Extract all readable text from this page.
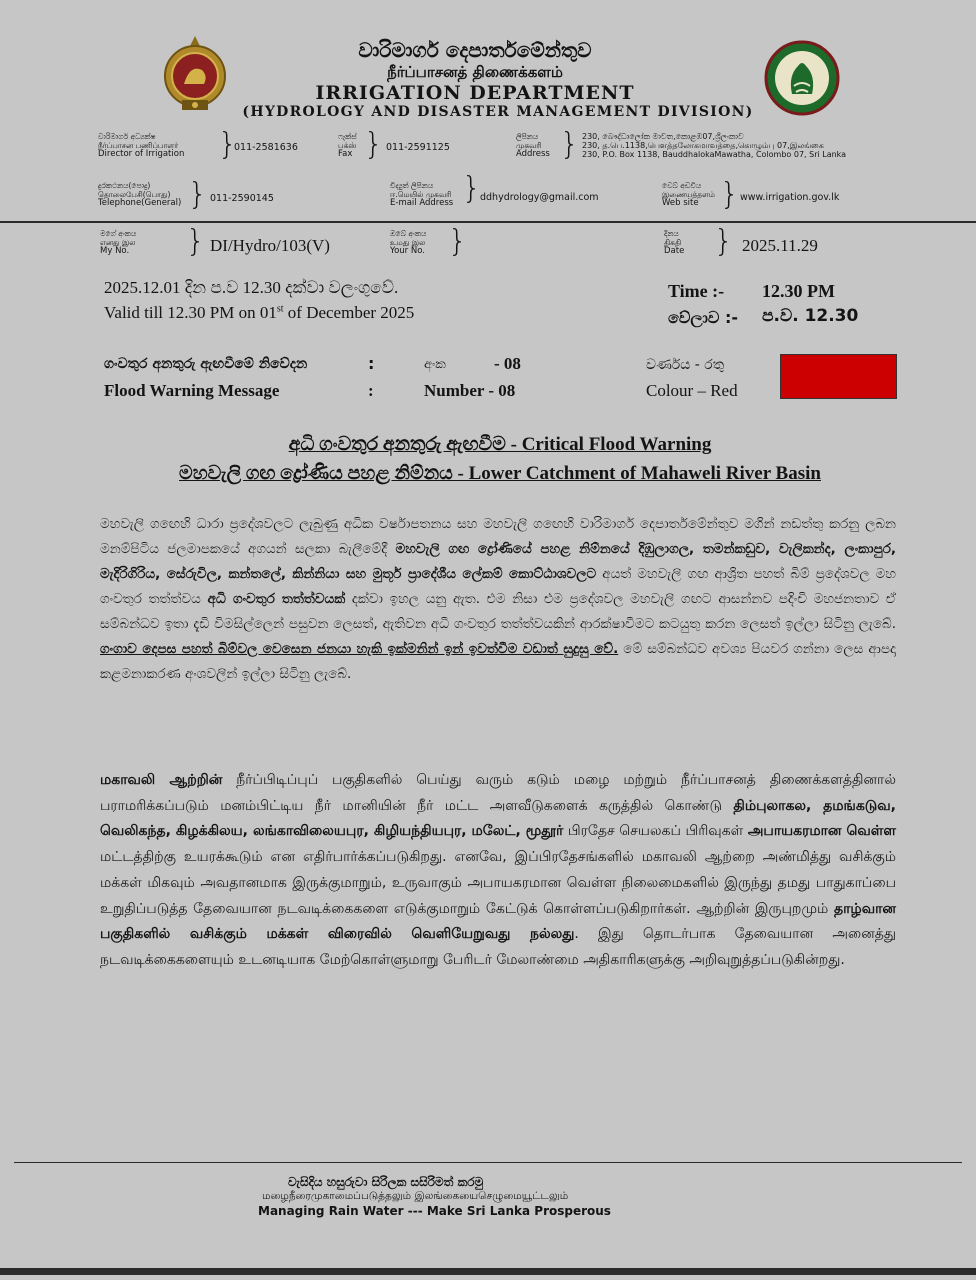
වාරිමාර්ග දෙපාර්තමේන්තුව
நீர்ப்பாசனத் திணைக்களம்
IRRIGATION DEPARTMENT
(HYDROLOGY AND DISASTER MANAGEMENT DIVISION)
වාරිමාර්ග අධ්‍යක්ෂ
நீர்ப்பாசன பணிப்பாளர்
Director of Irrigation	}
011-2581636
ෆැක්ස්
பக்ஸ்
Fax } 011-2591125
ලිපිනය
முகவரி
Address } 230, බෞද්ධාලෝක මාවත,කොළඹ07,ශ්‍රීලංකාව
230, த.பெ.1138,பௌத்தலோகமாவத்தை,கொழும்பு 07,இலங்கை
230, P.O. Box 1138, BauddhalokaMawatha, Colombo 07, Sri Lanka
දුරකථනය(පොදු)
தொலைபேசி(பொது)
Telephone(General) } 011-2590145
විද්‍යුත් ලිපිනය
ஈ.மெயில் முகவரி
E-mail Address }
ddhydrology@gmail.com
වෙබ් අඩවිය
இணையத்தளம்
Web site } www.irrigation.gov.lk
මගේ අංකය
எனது இல
My No.	} DI/Hydro/103(V)
ඔබේ අංකය
உமது இல
Your No. }	දිනය
திகதி
Date } 2025.11.29
2025.12.01 දින ප.ව 12.30 දක්වා වලංගුවේ.
Valid till 12.30 PM on 01st of December 2025
Time :- 12.30 PM
වේලාව :- ප.ව. 12.30
ගංවතුර අනතුරු ඇඟවීමේ නිවේදන	:
Flood Warning Message	:
අංක	- 08
Number - 08
වර්ණය - රතු
Colour – Red
අධි ගංවතුර අනතුරු ඇඟවීම - Critical Flood Warning
මහවැලි ගඟ ද්‍රෝණිය පහළ නිම්නය - Lower Catchment of Mahaweli River Basin
මහවැලි ගඟෙහි ධාරා ප්‍රදේශවලට ලැබුණු අධික වර්ෂාපතනය සහ මහවැලි ගඟෙහි වාරිමාර්ග දෙපාර්තමේන්තුව මගින් නඩත්තු කරනු ලබන මනම්පිටිය ජලමාපකයේ අගයන් සලකා බැලීමේදී මහවැලි ගඟ ද්‍රෝණියේ පහළ නිම්නයේ දිඹුලාගල, තමන්කඩුව, වැලිකන්ද, ලංකාපුර, මැදිරිගිරිය, සේරුවිල, කන්තලේ, කින්නියා සහ මුතූර් ප්‍රාදේශීය ලේකම් කොට්ඨාශවලට අයත් මහවැලි ගඟ ආශ්‍රිත පහත් බිම් ප්‍රදේශවල මහ ගංවතුර තත්ත්වය අධි ගංවතුර තත්ත්වයක් දක්වා ඉහල යනු ඇත. එම නිසා එම ප්‍රදේශවල මහවැලි ගඟට ආසන්නව පදිංචි මහජනතාව ඒ සම්බන්ධව ඉතා දැඩි විමසිල්ලෙන් පසුවන ලෙසත්, ඇතිවන අධි ගංවතුර තත්ත්වයකින් ආරක්ෂාවීමට කටයුතු කරන ලෙසත් ඉල්ලා සිටිනු ලැබේ. ගංගාව දෙපස පහත් බිම්වල වෙසෙන ජනයා හැකි ඉක්මනින් ඉන් ඉවත්වීම වඩාත් සුදුසු වේ. මේ සම්බන්ධව අවශ්‍ය පියවර ගන්නා ලෙස ආපදා කළමනාකරණ අංශවලින් ඉල්ලා සිටිනු ලැබේ.
மகாவலி ஆற்றின் நீர்ப்பிடிப்புப் பகுதிகளில் பெய்து வரும் கடும் மழை மற்றும் நீர்ப்பாசனத் திணைக்களத்தினால் பராமரிக்கப்படும் மனம்பிட்டிய நீர் மானியின் நீர் மட்ட அளவீடுகளைக் கருத்தில் கொண்டு திம்புலாகல, தமங்கடுவ, வெலிகந்த, கிழக்கிலய, லங்காவிலையபுர, கிழியந்தியபுர, மலேட், மூதூர் பிரதேச செயலகப் பிரிவுகள் அபாயகரமான வெள்ள மட்டத்திற்கு உயரக்கூடும் என எதிர்பார்க்கப்படுகிறது. எனவே, இப்பிரதேசங்களில் மகாவலி ஆற்றை அண்மித்து வசிக்கும் மக்கள் மிகவும் அவதானமாக இருக்குமாறும், உருவாகும் அபாயகரமான வெள்ள நிலைமைகளில் இருந்து தமது பாதுகாப்பை உறுதிப்படுத்த தேவையான நடவடிக்கைகளை எடுக்குமாறும் கேட்டுக் கொள்ளப்படுகிறார்கள். ஆற்றின் இருபுறமும் தாழ்வான பகுதிகளில் வசிக்கும் மக்கள் விரைவில் வெளியேறுவது நல்லது. இது தொடர்பாக தேவையான அனைத்து நடவடிக்கைகளையும் உடனடியாக மேற்கொள்ளுமாறு பேரிடர் மேலாண்மை அதிகாரிகளுக்கு அறிவுறுத்தப்படுகின்றது.
වැසිදිය හසුරුවා සිරිලක සසිරිමත් කරමු
மழைநீரைமுகாமைப்படுத்தலும் இலங்கையைசெழுமையூட்டலும்
Managing Rain Water --- Make Sri Lanka Prosperous
